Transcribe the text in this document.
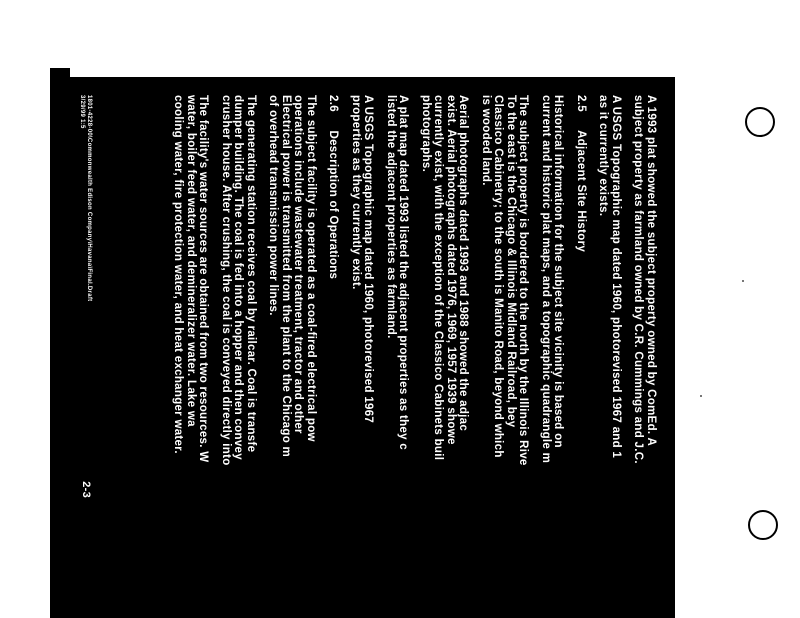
A 1993 plat showed the subject property owned by ComEd. A
subject property as farmland owned by C.R. Cummings and J.C.

A USGS Topographic map dated 1960, photorevised 1967 and 1
as it currently exists.

2.5 Adjacent Site History

Historical information for the subject site vicinity is based on
current and historic plat maps, and a topographic quadrangle m

The subject property is bordered to the north by the Illinois Rive
To the east is the Chicago & Illinois Midland Railroad, bey
Classico Cabinetry; to the south is Manito Road, beyond which
is wooded land.

Aerial photographs dated 1993 and 1988 showed the adjac
exist. Aerial photographs dated 1976, 1969, 1957 1939 showe
currently exist, with the exception of the Classico Cabinets buil
photographs.

A plat map dated 1993 listed the adjacent properties as they c
listed the adjacent properties as farmland.

A USGS Topographic map dated 1960, photorevised 1967
properties as they currently exist.

2.6 Description of Operations

The subject facility is operated as a coal-fired electrical pow
operations include wastewater treatment, tractor and other
Electrical power is transmitted from the plant to the Chicago m
of overhead transmission power lines.

The generating station receives coal by railcar. Coal is transfe
dumper building. The coal is fed into a hopper and then convey
crusher house. After crushing, the coal is conveyed directly into

The facility's water sources are obtained from two resources. W
water, boiler feed water, and demineralizer water. Lake wa
cooling water, fire protection water, and heat exchanger water.

1801-4228-00\Commonwealth Edison Company\Havana\Final.Draft
3/29/99 1:5
2-3
